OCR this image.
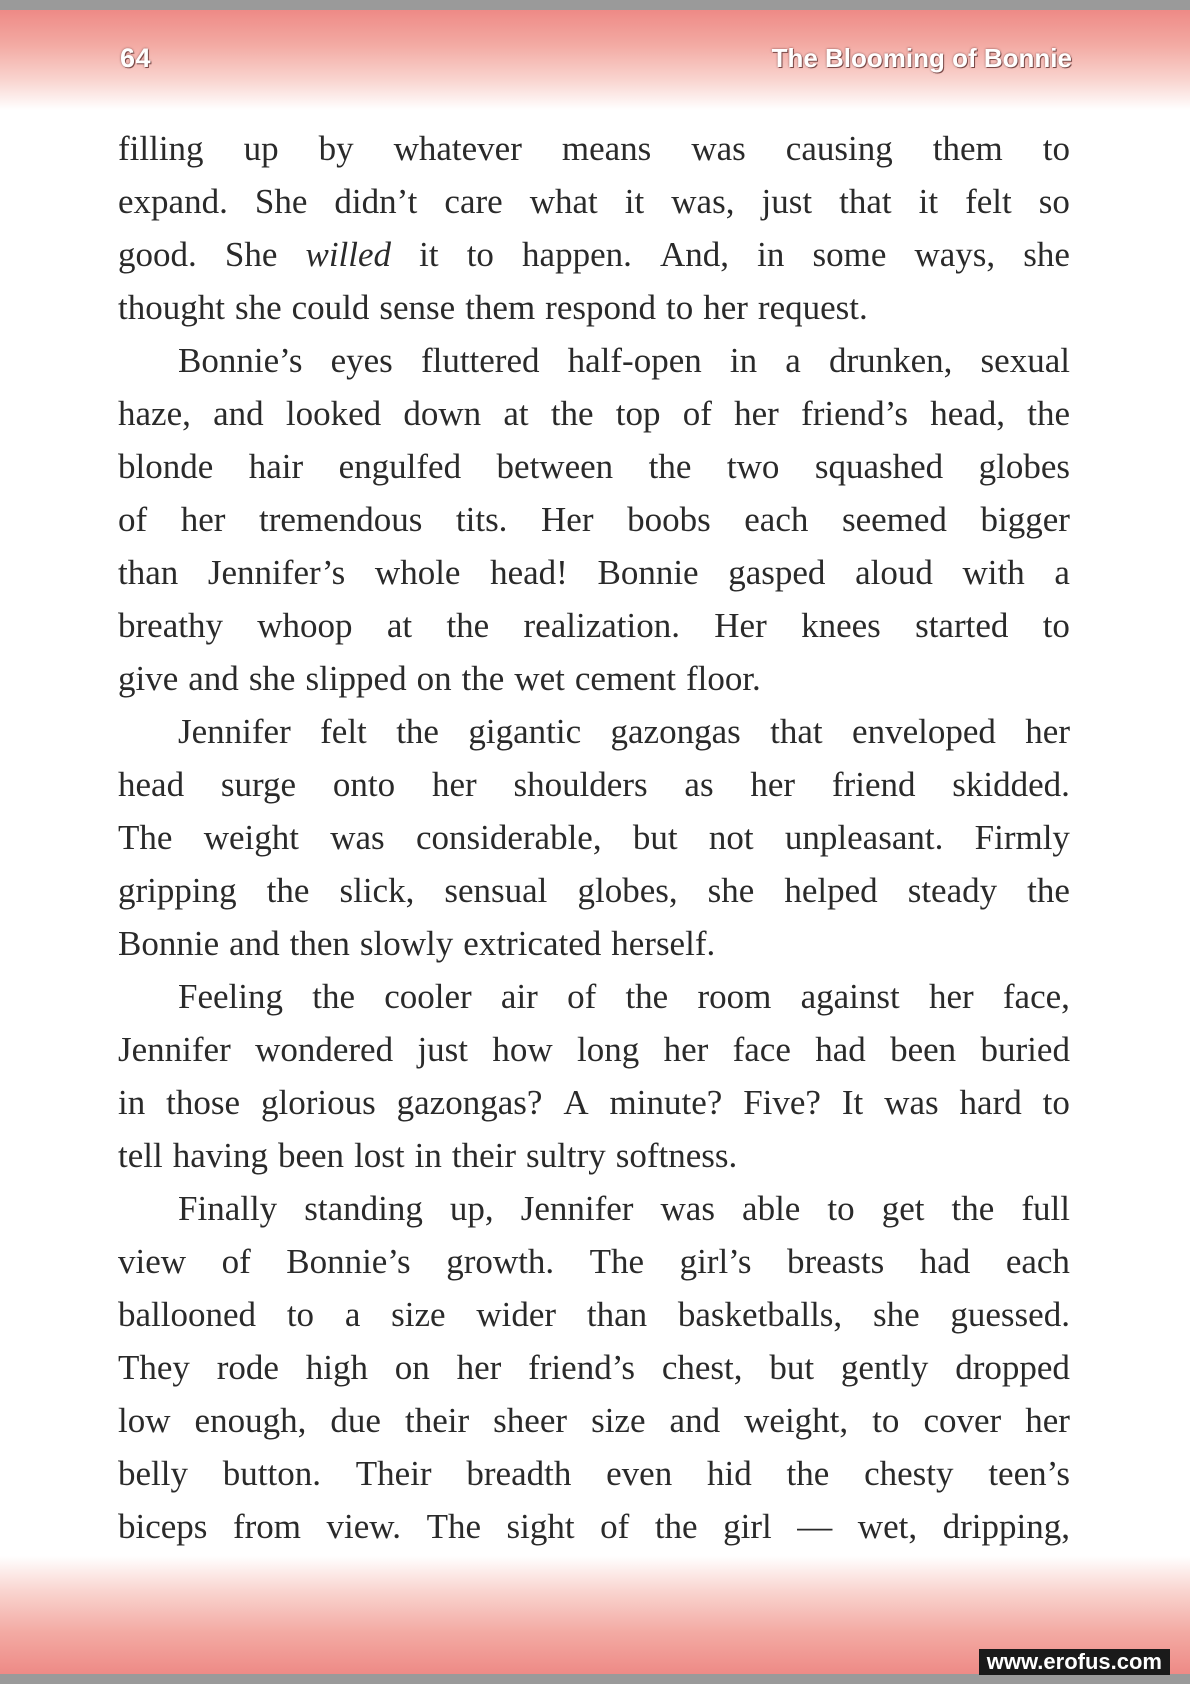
64	The Blooming of Bonnie
filling up by whatever means was causing them to
expand. She didn’t care what it was, just that it felt so
good. She willed it to happen. And, in some ways, she
thought she could sense them respond to her request.
Bonnie’s eyes fluttered half-open in a drunken, sexual
haze, and looked down at the top of her friend’s head, the
blonde hair engulfed between the two squashed globes
of her tremendous tits. Her boobs each seemed bigger
than Jennifer’s whole head! Bonnie gasped aloud with a
breathy whoop at the realization. Her knees started to
give and she slipped on the wet cement floor.
Jennifer felt the gigantic gazongas that enveloped her
head surge onto her shoulders as her friend skidded.
The weight was considerable, but not unpleasant. Firmly
gripping the slick, sensual globes, she helped steady the
Bonnie and then slowly extricated herself.
Feeling the cooler air of the room against her face,
Jennifer wondered just how long her face had been buried
in those glorious gazongas? A minute? Five? It was hard to
tell having been lost in their sultry softness.
Finally standing up, Jennifer was able to get the full
view of Bonnie’s growth. The girl’s breasts had each
ballooned to a size wider than basketballs, she guessed.
They rode high on her friend’s chest, but gently dropped
low enough, due their sheer size and weight, to cover her
belly button. Their breadth even hid the chesty teen’s
biceps from view. The sight of the girl — wet, dripping,
www.erofus.com
